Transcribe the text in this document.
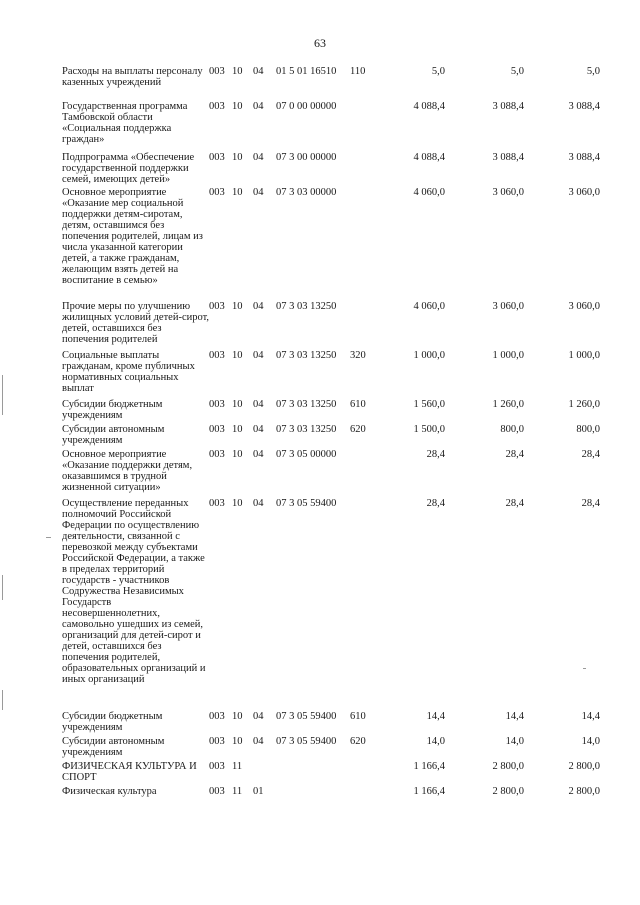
63
Расходы на выплаты персоналу казенных учреждений
003 10 04 01 5 01 16510 110	5,0	5,0	5,0
Государственная программа Тамбовской области «Социальная поддержка граждан»
003 10 04 07 0 00 00000	4 088,4	3 088,4	3 088,4
Подпрограмма «Обеспечение государственной поддержки семей, имеющих детей»
003 10 04 07 3 00 00000	4 088,4	3 088,4	3 088,4
Основное мероприятие «Оказание мер социальной поддержки детям-сиротам, детям, оставшимся без попечения родителей, лицам из числа указанной категории детей, а также гражданам, желающим взять детей на воспитание в семью»
003 10 04 07 3 03 00000	4 060,0	3 060,0	3 060,0
Прочие меры по улучшению жилищных условий детей-сирот, детей, оставшихся без попечения родителей
003 10 04 07 3 03 13250	4 060,0	3 060,0	3 060,0
Социальные выплаты гражданам, кроме публичных нормативных социальных выплат
003 10 04 07 3 03 13250 320	1 000,0	1 000,0	1 000,0
Субсидии бюджетным учреждениям
003 10 04 07 3 03 13250 610	1 560,0	1 260,0	1 260,0
Субсидии автономным учреждениям
003 10 04 07 3 03 13250 620	1 500,0	800,0	800,0
Основное мероприятие «Оказание поддержки детям, оказавшимся в трудной жизненной ситуации»
003 10 04 07 3 05 00000	28,4	28,4	28,4
Осуществление переданных полномочий Российской Федерации по осуществлению деятельности, связанной с перевозкой между субъектами Российской Федерации, а также в пределах территорий государств - участников Содружества Независимых Государств несовершеннолетних, самовольно ушедших из семей, организаций для детей-сирот и детей, оставшихся без попечения родителей, образовательных организаций и иных организаций
003 10 04 07 3 05 59400	28,4	28,4	28,4
Субсидии бюджетным учреждениям
003 10 04 07 3 05 59400 610	14,4	14,4	14,4
Субсидии автономным учреждениям
003 10 04 07 3 05 59400 620	14,0	14,0	14,0
ФИЗИЧЕСКАЯ КУЛЬТУРА И СПОРТ
003 11	1 166,4	2 800,0	2 800,0
Физическая культура	003 11 01	1 166,4	2 800,0	2 800,0
